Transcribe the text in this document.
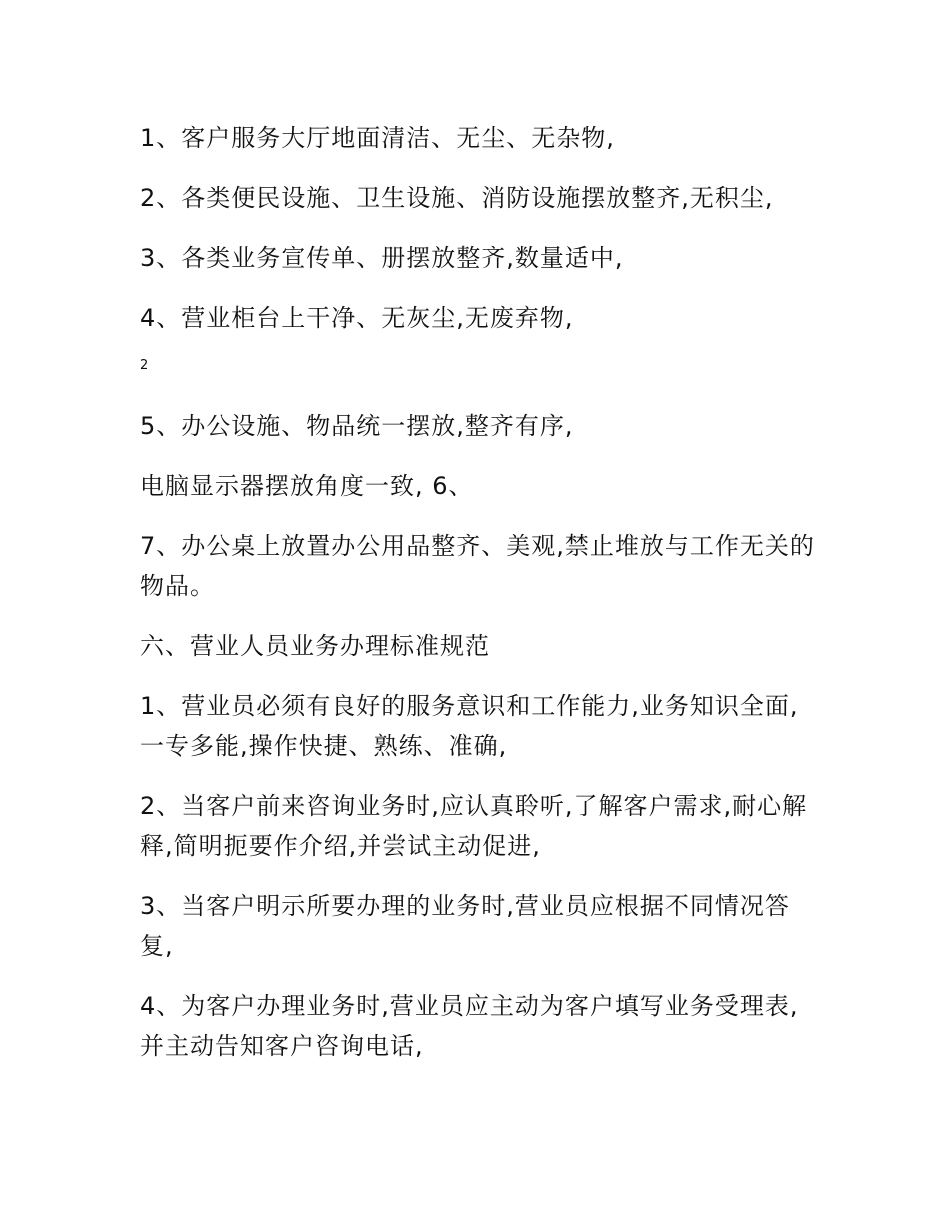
1、客户服务大厅地面清洁、无尘、无杂物,

2、各类便民设施、卫生设施、消防设施摆放整齐,无积尘,

3、各类业务宣传单、册摆放整齐,数量适中,

4、营业柜台上干净、无灰尘,无废弃物,

2

5、办公设施、物品统一摆放,整齐有序,

电脑显示器摆放角度一致, 6、

7、办公桌上放置办公用品整齐、美观,禁止堆放与工作无关的物品。

六、营业人员业务办理标准规范

1、营业员必须有良好的服务意识和工作能力,业务知识全面,一专多能,操作快捷、熟练、准确,

2、当客户前来咨询业务时,应认真聆听,了解客户需求,耐心解释,简明扼要作介绍,并尝试主动促进,

3、当客户明示所要办理的业务时,营业员应根据不同情况答复,

4、为客户办理业务时,营业员应主动为客户填写业务受理表,并主动告知客户咨询电话,
